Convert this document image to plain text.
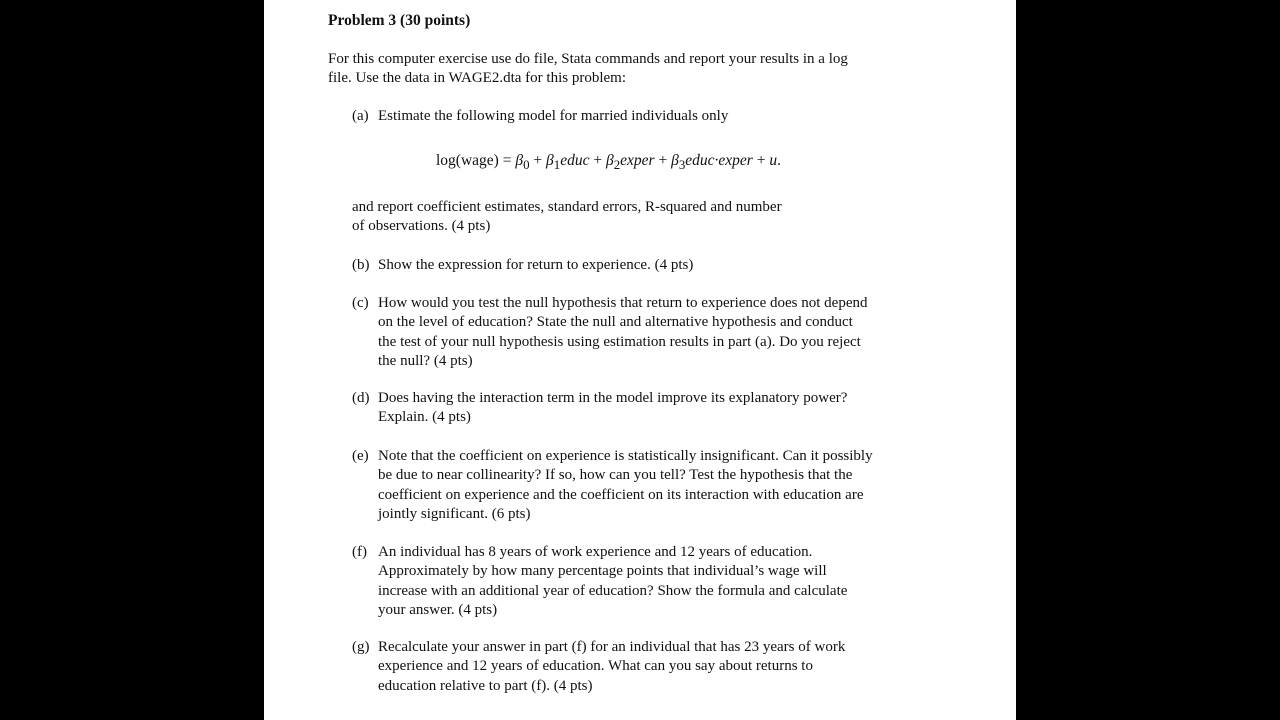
Problem 3 (30 points)
For this computer exercise use do file, Stata commands and report your results in a log
file. Use the data in WAGE2.dta for this problem:
(a) Estimate the following model for married individuals only
log(wage) = $\beta_0$ + $\beta_1educ$ + $\beta_2exper$ + $\beta_3educ\cdot exper + u$.
and report coefficient estimates, standard errors, R-squared and number
of observations. (4 pts)
(b) Show the expression for return to experience. (4 pts)
(c) How would you test the null hypothesis that return to experience does not depend
on the level of education? State the null and alternative hypothesis and conduct
the test of your null hypothesis using estimation results in part (a). Do you reject
the null? (4 pts)
(d) Does having the interaction term in the model improve its explanatory power?
Explain. (4 pts)
(e) Note that the coefficient on experience is statistically insignificant. Can it possibly
be due to near collinearity? If so, how can you tell? Test the hypothesis that the
coefficient on experience and the coefficient on its interaction with education are
jointly significant. (6 pts)
(f) An individual has 8 years of work experience and 12 years of education.
Approximately by how many percentage points that individual’s wage will
increase with an additional year of education? Show the formula and calculate
your answer. (4 pts)
(g) Recalculate your answer in part (f) for an individual that has 23 years of work
experience and 12 years of education. What can you say about returns to
education relative to part (f). (4 pts)
